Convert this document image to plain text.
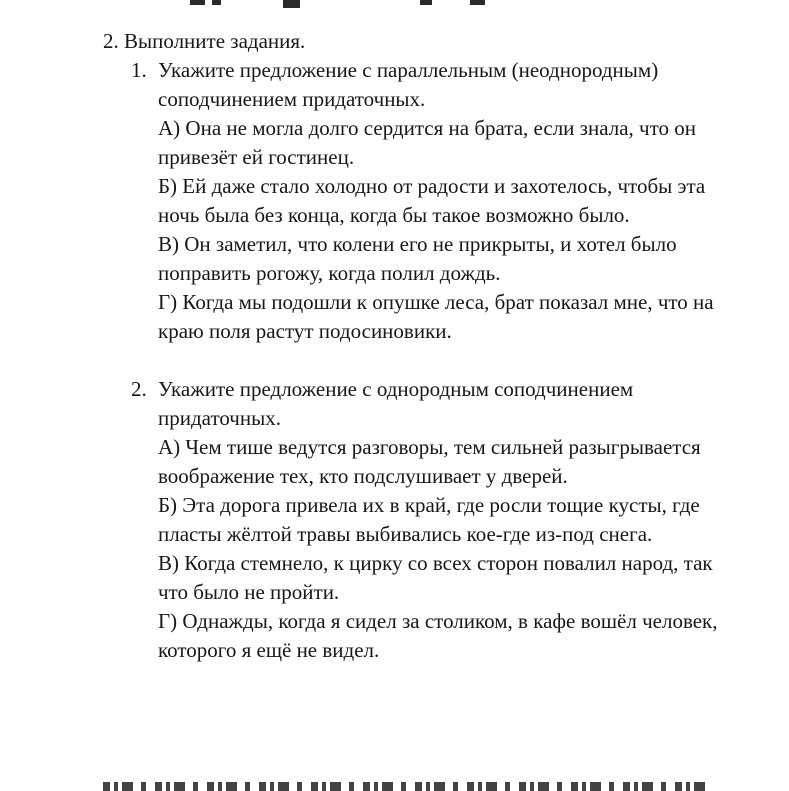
2. Выполните задания.
1. Укажите предложение с параллельным (неоднородным) соподчинением придаточных.

А) Она не могла долго сердится на брата, если знала, что он привезёт ей гостинец.

Б) Ей даже стало холодно от радости и захотелось, чтобы эта ночь была без конца, когда бы такое возможно было.

В) Он заметил, что колени его не прикрыты, и хотел было поправить рогожу, когда полил дождь.

Г) Когда мы подошли к опушке леса, брат показал мне, что на краю поля растут подосиновики.

2. Укажите предложение с однородным соподчинением придаточных.

А) Чем тише ведутся разговоры, тем сильней разыгрывается воображение тех, кто подслушивает у дверей.

Б) Эта дорога привела их в край, где росли тощие кусты, где пласты жёлтой травы выбивались кое-где из-под снега.

В) Когда стемнело, к цирку со всех сторон повалил народ, так что было не пройти.

Г) Однажды, когда я сидел за столиком, в кафе вошёл человек, которого я ещё не видел.
